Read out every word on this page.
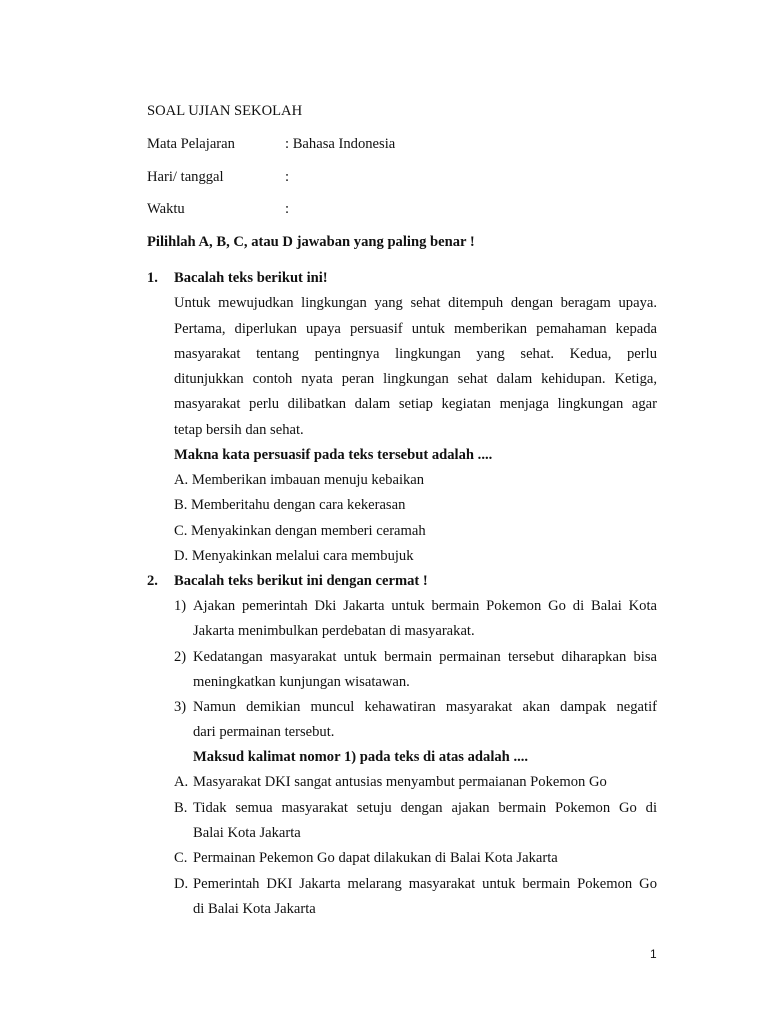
SOAL UJIAN SEKOLAH
Mata Pelajaran	: Bahasa Indonesia
Hari/ tanggal	:
Waktu	:
Pilihlah A, B, C, atau D jawaban yang paling benar !
1. Bacalah teks berikut ini!
Untuk mewujudkan lingkungan yang sehat ditempuh dengan beragam upaya.
Pertama, diperlukan upaya persuasif untuk memberikan pemahaman kepada
masyarakat tentang pentingnya lingkungan yang sehat. Kedua, perlu
ditunjukkan contoh nyata peran lingkungan sehat dalam kehidupan. Ketiga,
masyarakat perlu dilibatkan dalam setiap kegiatan menjaga lingkungan agar
tetap bersih dan sehat.
Makna kata persuasif pada teks tersebut adalah ....
A. Memberikan imbauan menuju kebaikan
B. Memberitahu dengan cara kekerasan
C. Menyakinkan dengan memberi ceramah
D. Menyakinkan melalui cara membujuk
2. Bacalah teks berikut ini dengan cermat !
1) Ajakan pemerintah Dki Jakarta untuk bermain Pokemon Go di Balai Kota
Jakarta menimbulkan perdebatan di masyarakat.
2) Kedatangan masyarakat untuk bermain permainan tersebut diharapkan bisa
meningkatkan kunjungan wisatawan.
3) Namun demikian muncul kehawatiran masyarakat akan dampak negatif
dari permainan tersebut.
Maksud kalimat nomor 1) pada teks di atas adalah ....
A. Masyarakat DKI sangat antusias menyambut permaianan Pokemon Go
B. Tidak semua masyarakat setuju dengan ajakan bermain Pokemon Go di
Balai Kota Jakarta
C. Permainan Pekemon Go dapat dilakukan di Balai Kota Jakarta
D. Pemerintah DKI Jakarta melarang masyarakat untuk bermain Pokemon Go
di Balai Kota Jakarta
1
